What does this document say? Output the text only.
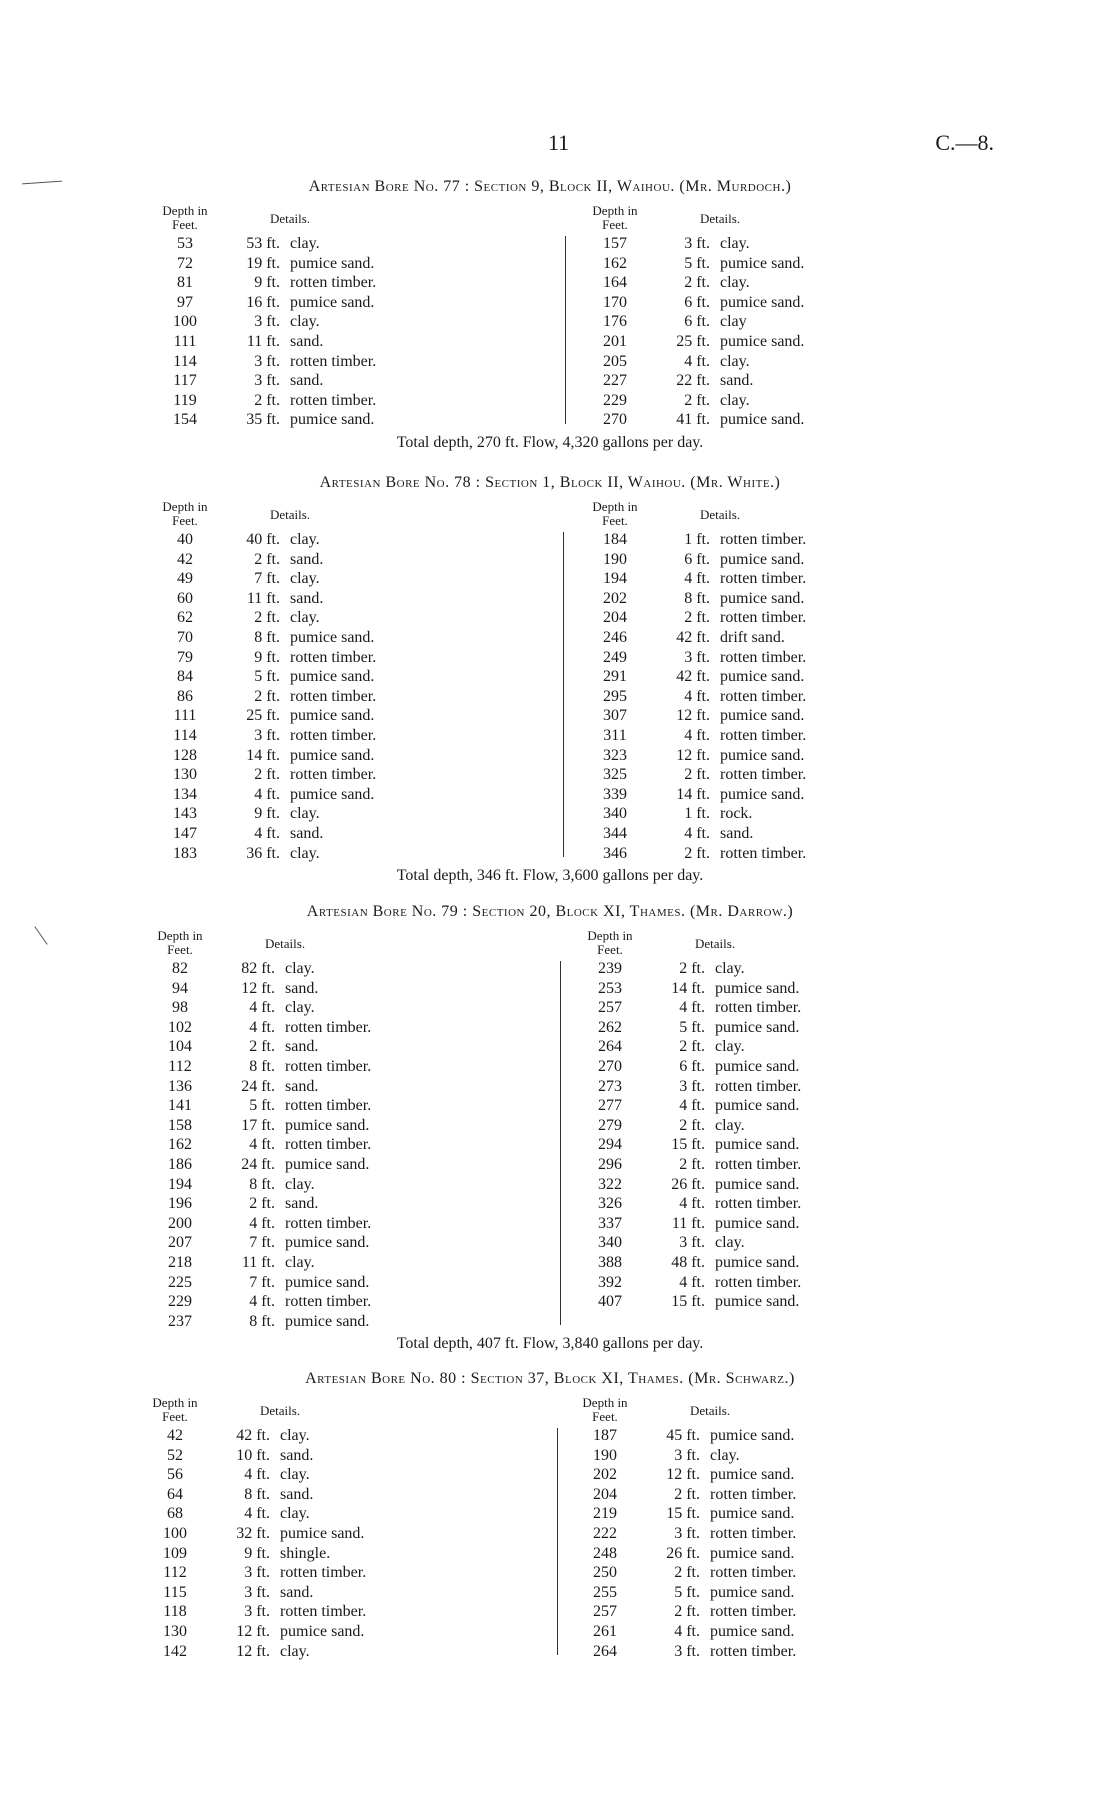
11	C.—8.
Artesian Bore No. 77 : Section 9, Block II, Waihou. (Mr. Murdoch.)
Depth in Feet.	Details.
53	53 ft. clay.
72	19 ft. pumice sand.
81	9 ft. rotten timber.
97	16 ft. pumice sand.
100	3 ft. clay.
111	11 ft. sand.
114	3 ft. rotten timber.
117	3 ft. sand.
119	2 ft. rotten timber.
154	35 ft. pumice sand.
Depth in Feet.	Details.
157	3 ft. clay.
162	5 ft. pumice sand.
164	2 ft. clay.
170	6 ft. pumice sand.
176	6 ft. clay
201	25 ft. pumice sand.
205	4 ft. clay.
227	22 ft. sand.
229	2 ft. clay.
270	41 ft. pumice sand.
Total depth, 270 ft. Flow, 4,320 gallons per day.
Artesian Bore No. 78 : Section 1, Block II, Waihou. (Mr. White.)
Depth in Feet.	Details.
40	40 ft. clay.
42	2 ft. sand.
49	7 ft. clay.
60	11 ft. sand.
62	2 ft. clay.
70	8 ft. pumice sand.
79	9 ft. rotten timber.
84	5 ft. pumice sand.
86	2 ft. rotten timber.
111	25 ft. pumice sand.
114	3 ft. rotten timber.
128	14 ft. pumice sand.
130	2 ft. rotten timber.
134	4 ft. pumice sand.
143	9 ft. clay.
147	4 ft. sand.
183	36 ft. clay.
Depth in Feet.	Details.
184	1 ft. rotten timber.
190	6 ft. pumice sand.
194	4 ft. rotten timber.
202	8 ft. pumice sand.
204	2 ft. rotten timber.
246	42 ft. drift sand.
249	3 ft. rotten timber.
291	42 ft. pumice sand.
295	4 ft. rotten timber.
307	12 ft. pumice sand.
311	4 ft. rotten timber.
323	12 ft. pumice sand.
325	2 ft. rotten timber.
339	14 ft. pumice sand.
340	1 ft. rock.
344	4 ft. sand.
346	2 ft. rotten timber.
Total depth, 346 ft. Flow, 3,600 gallons per day.
Artesian Bore No. 79 : Section 20, Block XI, Thames. (Mr. Darrow.)
Depth in Feet.	Details.
82	82 ft. clay.
94	12 ft. sand.
98	4 ft. clay.
102	4 ft. rotten timber.
104	2 ft. sand.
112	8 ft. rotten timber.
136	24 ft. sand.
141	5 ft. rotten timber.
158	17 ft. pumice sand.
162	4 ft. rotten timber.
186	24 ft. pumice sand.
194	8 ft. clay.
196	2 ft. sand.
200	4 ft. rotten timber.
207	7 ft. pumice sand.
218	11 ft. clay.
225	7 ft. pumice sand.
229	4 ft. rotten timber.
237	8 ft. pumice sand.
Depth in Feet.	Details.
239	2 ft. clay.
253	14 ft. pumice sand.
257	4 ft. rotten timber.
262	5 ft. pumice sand.
264	2 ft. clay.
270	6 ft. pumice sand.
273	3 ft. rotten timber.
277	4 ft. pumice sand.
279	2 ft. clay.
294	15 ft. pumice sand.
296	2 ft. rotten timber.
322	26 ft. pumice sand.
326	4 ft. rotten timber.
337	11 ft. pumice sand.
340	3 ft. clay.
388	48 ft. pumice sand.
392	4 ft. rotten timber.
407	15 ft. pumice sand.
Total depth, 407 ft. Flow, 3,840 gallons per day.
Artesian Bore No. 80 : Section 37, Block XI, Thames. (Mr. Schwarz.)
Depth in Feet.	Details.
42	42 ft. clay.
52	10 ft. sand.
56	4 ft. clay.
64	8 ft. sand.
68	4 ft. clay.
100	32 ft. pumice sand.
109	9 ft. shingle.
112	3 ft. rotten timber.
115	3 ft. sand.
118	3 ft. rotten timber.
130	12 ft. pumice sand.
142	12 ft. clay.
Depth in Feet.	Details.
187	45 ft. pumice sand.
190	3 ft. clay.
202	12 ft. pumice sand.
204	2 ft. rotten timber.
219	15 ft. pumice sand.
222	3 ft. rotten timber.
248	26 ft. pumice sand.
250	2 ft. rotten timber.
255	5 ft. pumice sand.
257	2 ft. rotten timber.
261	4 ft. pumice sand.
264	3 ft. rotten timber.
